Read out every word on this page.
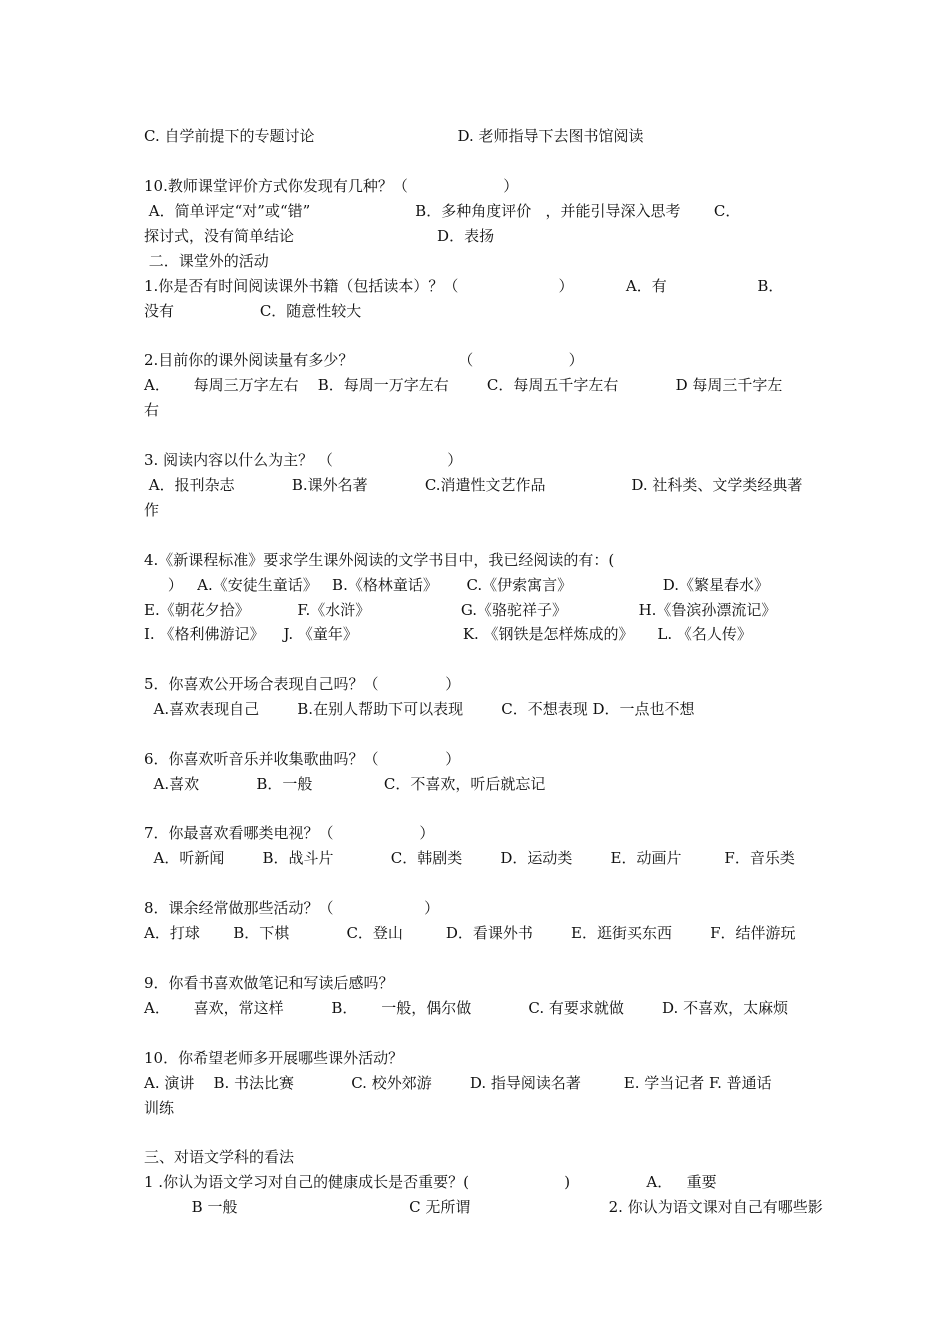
C. 自学前提下的专题讨论                              D. 老师指导下去图书馆阅读
10.教师课堂评价方式你发现有几种？（                    ）
A．简单评定“对”或“错”                      B．多种角度评价   ，并能引导深入思考       C．
探讨式，没有简单结论                              D．表扬
二．课堂外的活动
1.你是否有时间阅读课外书籍（包括读本）？（                     ）           A．有                   B．
没有                  C．随意性较大
2.目前你的课外阅读量有多少？                      （                    ）
A．     每周三万字左右    B．每周一万字左右        C．每周五千字左右            D 每周三千字左
右
3. 阅读内容以什么为主？ （                        ）
A．报刊杂志            B.课外名著            C.消遣性文艺作品                  D. 社科类、文学类经典著
作
4.《新课程标准》要求学生课外阅读的文学书目中，我已经阅读的有：(
）   A.《安徒生童话》   B.《格林童话》      C.《伊索寓言》                   D.《繁星春水》
E.《朝花夕拾》          F.《水浒》                   G.《骆驼祥子》               H.《鲁滨孙漂流记》
I. 《格利佛游记》    J. 《童年》                      K. 《钢铁是怎样炼成的》     L. 《名人传》
5．你喜欢公开场合表现自己吗？（              ）
A.喜欢表现自己        B.在别人帮助下可以表现        C．不想表现 D．一点也不想
6．你喜欢听音乐并收集歌曲吗？（              ）
A.喜欢            B．一般               C．不喜欢，听后就忘记
7．你最喜欢看哪类电视？（                  ）
A．听新闻        B．战斗片            C．韩剧类        D．运动类        E．动画片         F．音乐类
8．课余经常做那些活动？（                   ）
A．打球       B．下棋            C．登山         D．看课外书        E．逛街买东西        F．结伴游玩
9．你看书喜欢做笔记和写读后感吗？
A．     喜欢，常这样          B．     一般，偶尔做            C. 有要求就做        D. 不喜欢，太麻烦
10．你希望老师多开展哪些课外活动？
A. 演讲    B. 书法比赛            C. 校外郊游        D. 指导阅读名著         E. 学当记者 F. 普通话
训练
三、对语文学科的看法
1 .你认为语文学习对自己的健康成长是否重要？(                    )                A．   重要
B 一般                                    C 无所谓                             2. 你认为语文课对自己有哪些影
